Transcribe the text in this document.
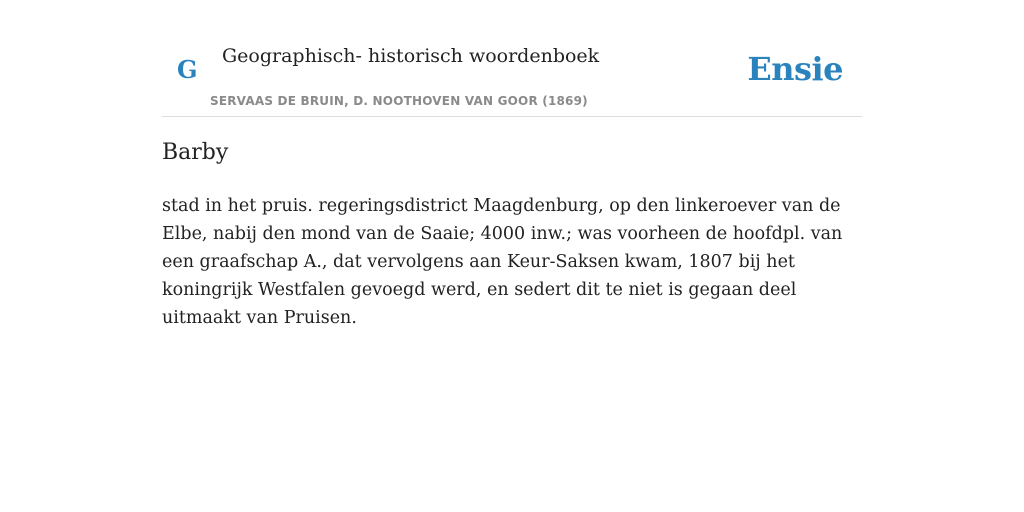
G Geographisch- historisch woordenboek
SERVAAS DE BRUIN, D. NOOTHOVEN VAN GOOR (1869)
Ensie
Barby

stad in het pruis. regeringsdistrict Maagdenburg, op den linkeroever van de Elbe, nabij den mond van de Saaie; 4000 inw.; was voorheen de hoofdpl. van een graafschap A., dat vervolgens aan Keur-Saksen kwam, 1807 bij het koningrijk Westfalen gevoegd werd, en sedert dit te niet is gegaan deel uitmaakt van Pruisen.
